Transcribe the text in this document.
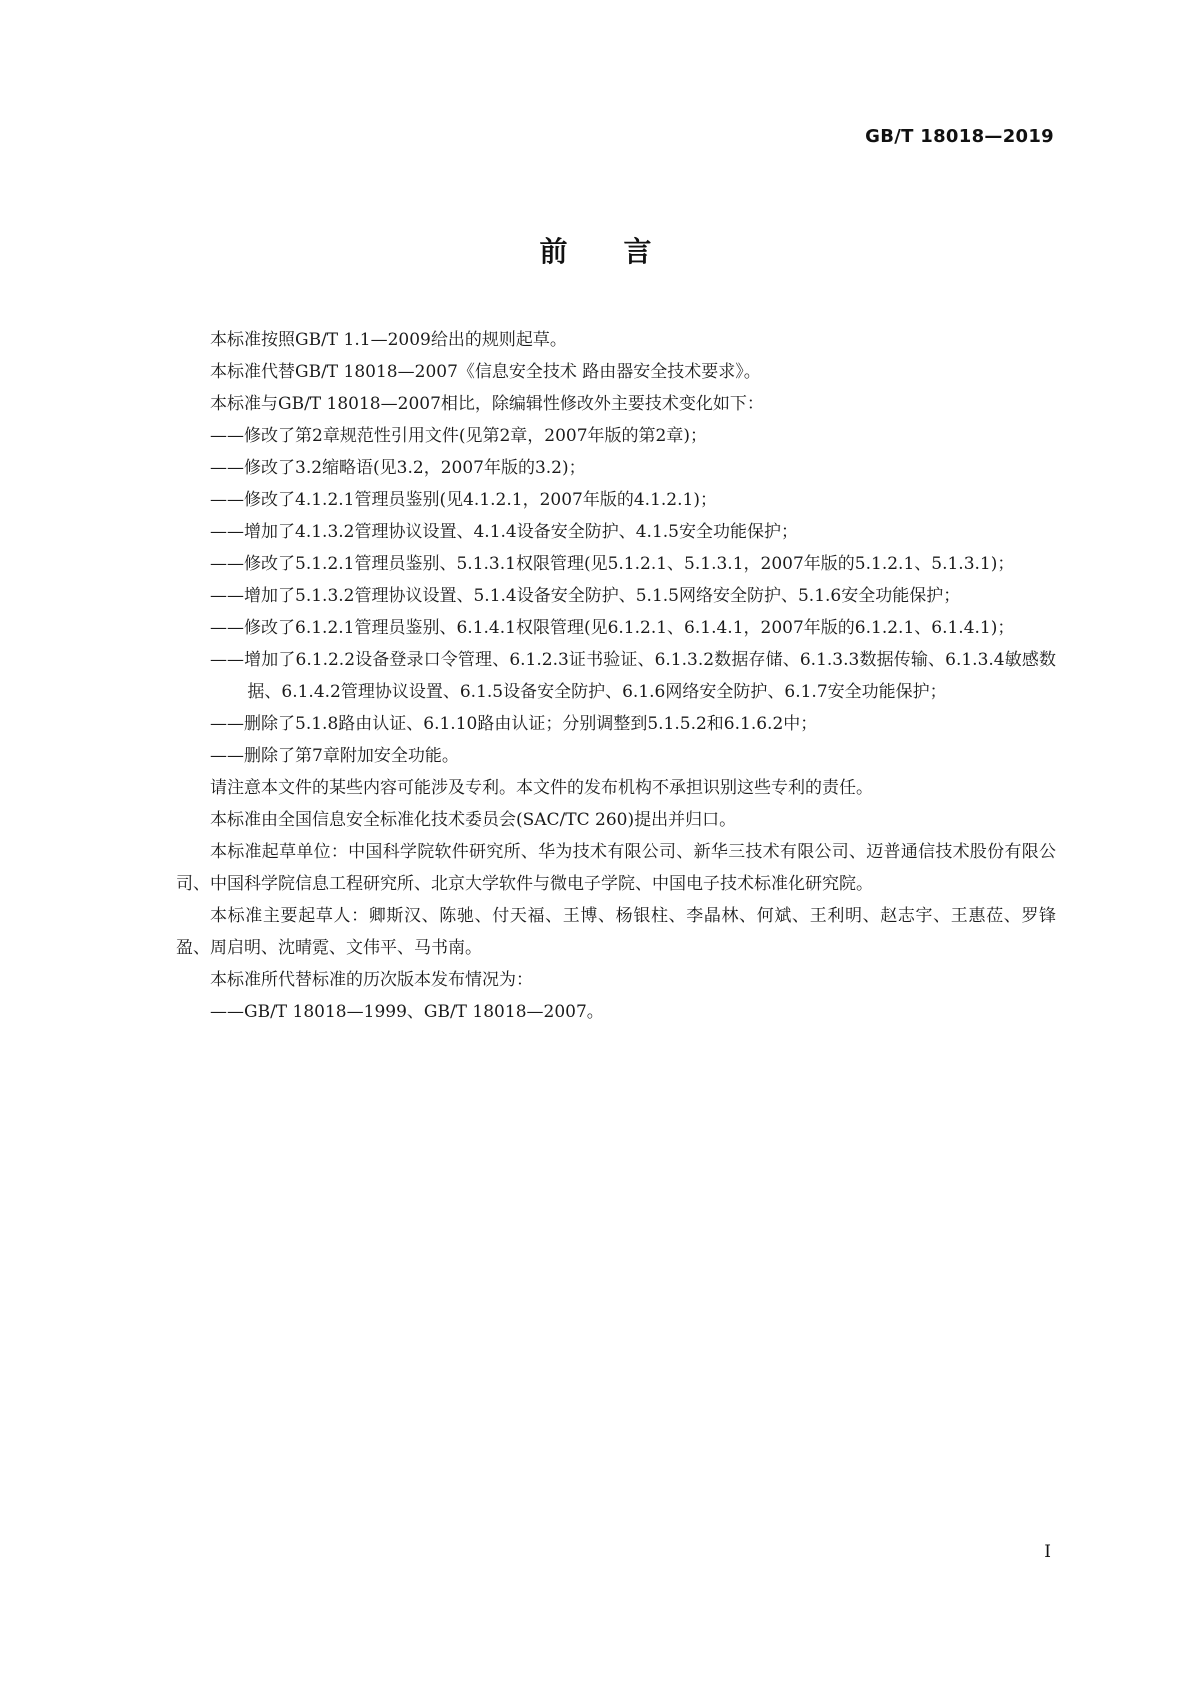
GB/T 18018—2019
前言

本标准按照GB/T 1.1—2009给出的规则起草。

本标准代替GB/T 18018—2007《信息安全技术 路由器安全技术要求》。

本标准与GB/T 18018—2007相比，除编辑性修改外主要技术变化如下：

——修改了第2章规范性引用文件(见第2章，2007年版的第2章)；

——修改了3.2缩略语(见3.2，2007年版的3.2)；

——修改了4.1.2.1管理员鉴别(见4.1.2.1，2007年版的4.1.2.1)；

——增加了4.1.3.2管理协议设置、4.1.4设备安全防护、4.1.5安全功能保护；

——修改了5.1.2.1管理员鉴别、5.1.3.1权限管理(见5.1.2.1、5.1.3.1，2007年版的5.1.2.1、5.1.3.1)；

——增加了5.1.3.2管理协议设置、5.1.4设备安全防护、5.1.5网络安全防护、5.1.6安全功能保护；

——修改了6.1.2.1管理员鉴别、6.1.4.1权限管理(见6.1.2.1、6.1.4.1，2007年版的6.1.2.1、6.1.4.1)；

——增加了6.1.2.2设备登录口令管理、6.1.2.3证书验证、6.1.3.2数据存储、6.1.3.3数据传输、6.1.3.4敏感数据、6.1.4.2管理协议设置、6.1.5设备安全防护、6.1.6网络安全防护、6.1.7安全功能保护；

——删除了5.1.8路由认证、6.1.10路由认证；分别调整到5.1.5.2和6.1.6.2中；

——删除了第7章附加安全功能。

请注意本文件的某些内容可能涉及专利。本文件的发布机构不承担识别这些专利的责任。

本标准由全国信息安全标准化技术委员会(SAC/TC 260)提出并归口。

本标准起草单位：中国科学院软件研究所、华为技术有限公司、新华三技术有限公司、迈普通信技术股份有限公司、中国科学院信息工程研究所、北京大学软件与微电子学院、中国电子技术标准化研究院。

本标准主要起草人：卿斯汉、陈驰、付天福、王博、杨银柱、李晶林、何斌、王利明、赵志宇、王惠莅、罗锋盈、周启明、沈晴霓、文伟平、马书南。

本标准所代替标准的历次版本发布情况为：

——GB/T 18018—1999、GB/T 18018—2007。

I
